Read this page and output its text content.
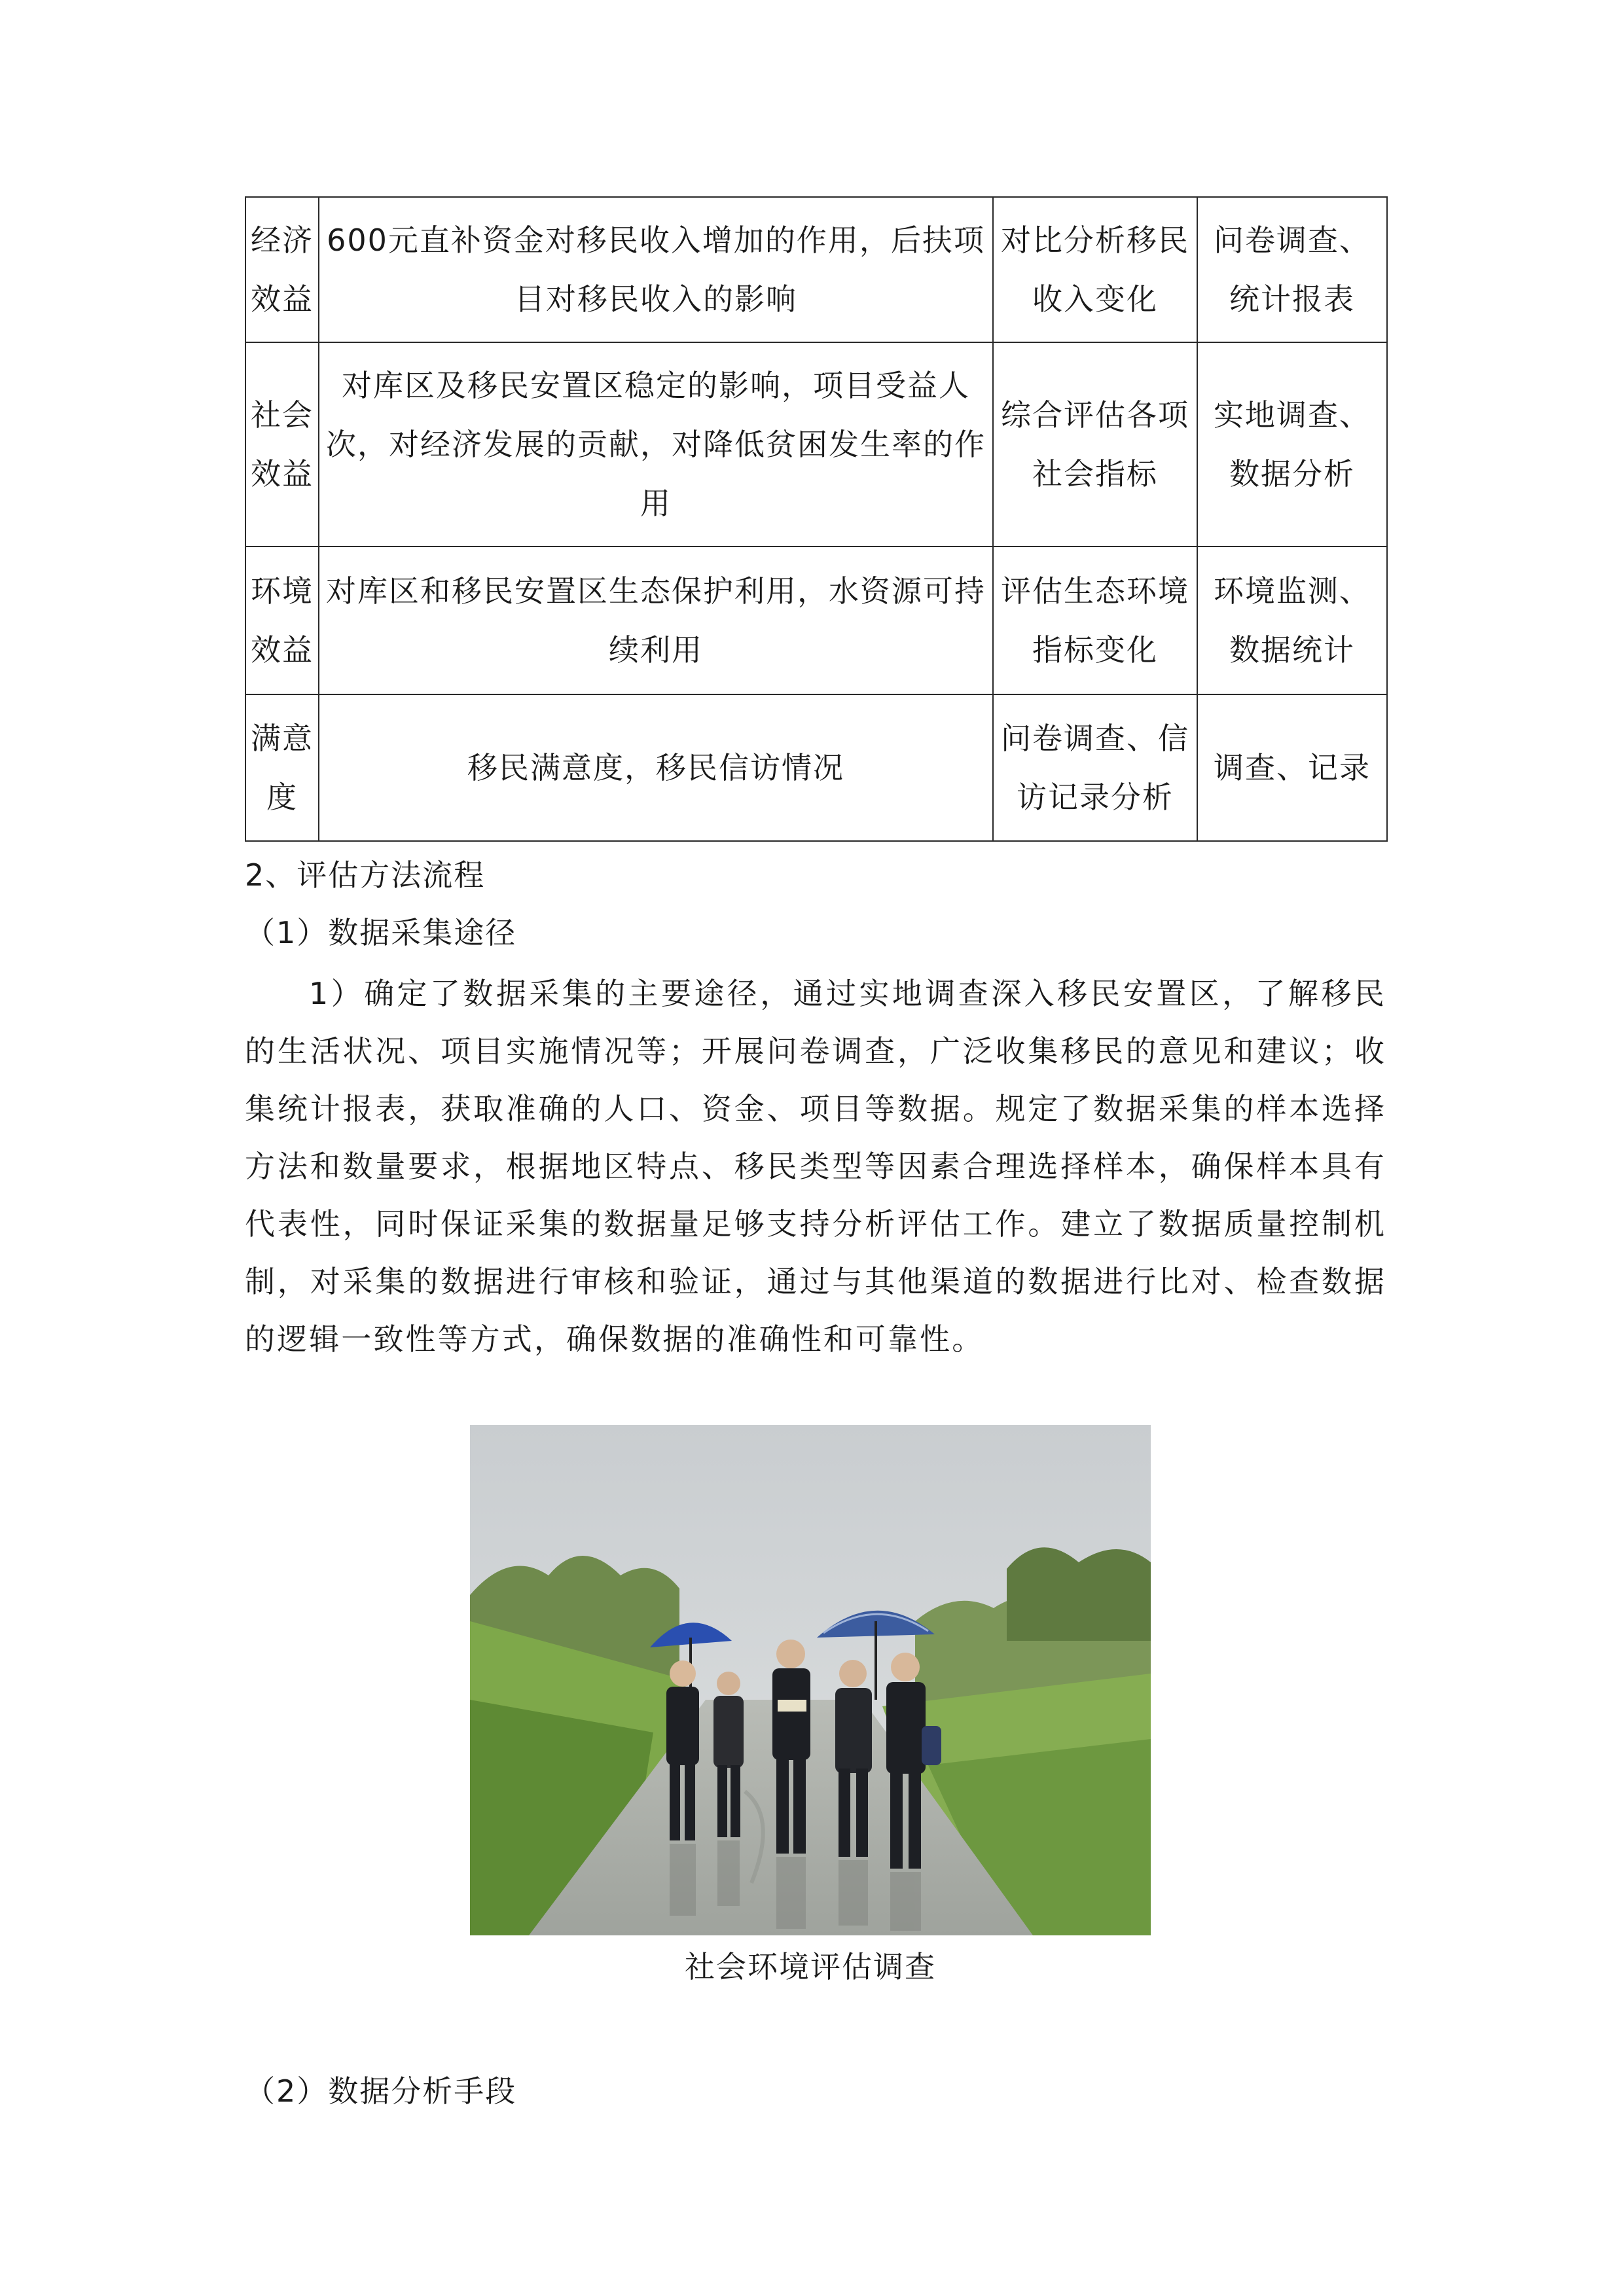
经济效益	600元直补资金对移民收入增加的作用，后扶项目对移民收入的影响	对比分析移民收入变化	问卷调查、统计报表
社会效益	对库区及移民安置区稳定的影响，项目受益人次，对经济发展的贡献，对降低贫困发生率的作用	综合评估各项社会指标	实地调查、数据分析
环境效益	对库区和移民安置区生态保护利用，水资源可持续利用	评估生态环境指标变化	环境监测、数据统计
满意度	移民满意度，移民信访情况	问卷调查、信访记录分析	调查、记录
2、评估方法流程
（1）数据采集途径
1）确定了数据采集的主要途径，通过实地调查深入移民安置区，了解移民的生活状况、项目实施情况等；开展问卷调查，广泛收集移民的意见和建议；收集统计报表，获取准确的人口、资金、项目等数据。规定了数据采集的样本选择方法和数量要求，根据地区特点、移民类型等因素合理选择样本，确保样本具有代表性，同时保证采集的数据量足够支持分析评估工作。建立了数据质量控制机制，对采集的数据进行审核和验证，通过与其他渠道的数据进行比对、检查数据的逻辑一致性等方式，确保数据的准确性和可靠性。
社会环境评估调查
（2）数据分析手段
